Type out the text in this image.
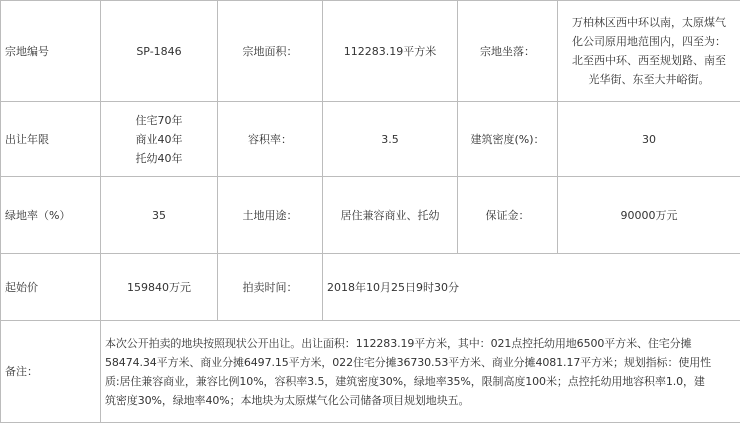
宗地编号	SP-1846	宗地面积：	112283.19平方米	宗地坐落：	万柏林区西中环以南，太原煤气
化公司原用地范围内，四至为：
北至西中环、西至规划路、南至
光华街、东至大井峪街。

出让年限	住宅70年
商业40年
托幼40年	容积率：	3.5	建筑密度(%)：	30
绿地率（%）	35	土地用途：	居住兼容商业、托幼	保证金：	90000万元
起始价	159840万元	拍卖时间：	2018年10月25日9时30分		
备注：	本次公开拍卖的地块按照现状公开出让。出让面积：112283.19平方米，其中：021点控托幼用地6500平方米、住宅分摊
58474.34平方米、商业分摊6497.15平方米，022住宅分摊36730.53平方米、商业分摊4081.17平方米；规划指标：使用性
质:居住兼容商业，兼容比例10%，容积率3.5，建筑密度30%，绿地率35%，限制高度100米；点控托幼用地容积率1.0，建
筑密度30%，绿地率40%；本地块为太原煤气化公司储备项目规划地块五。				
